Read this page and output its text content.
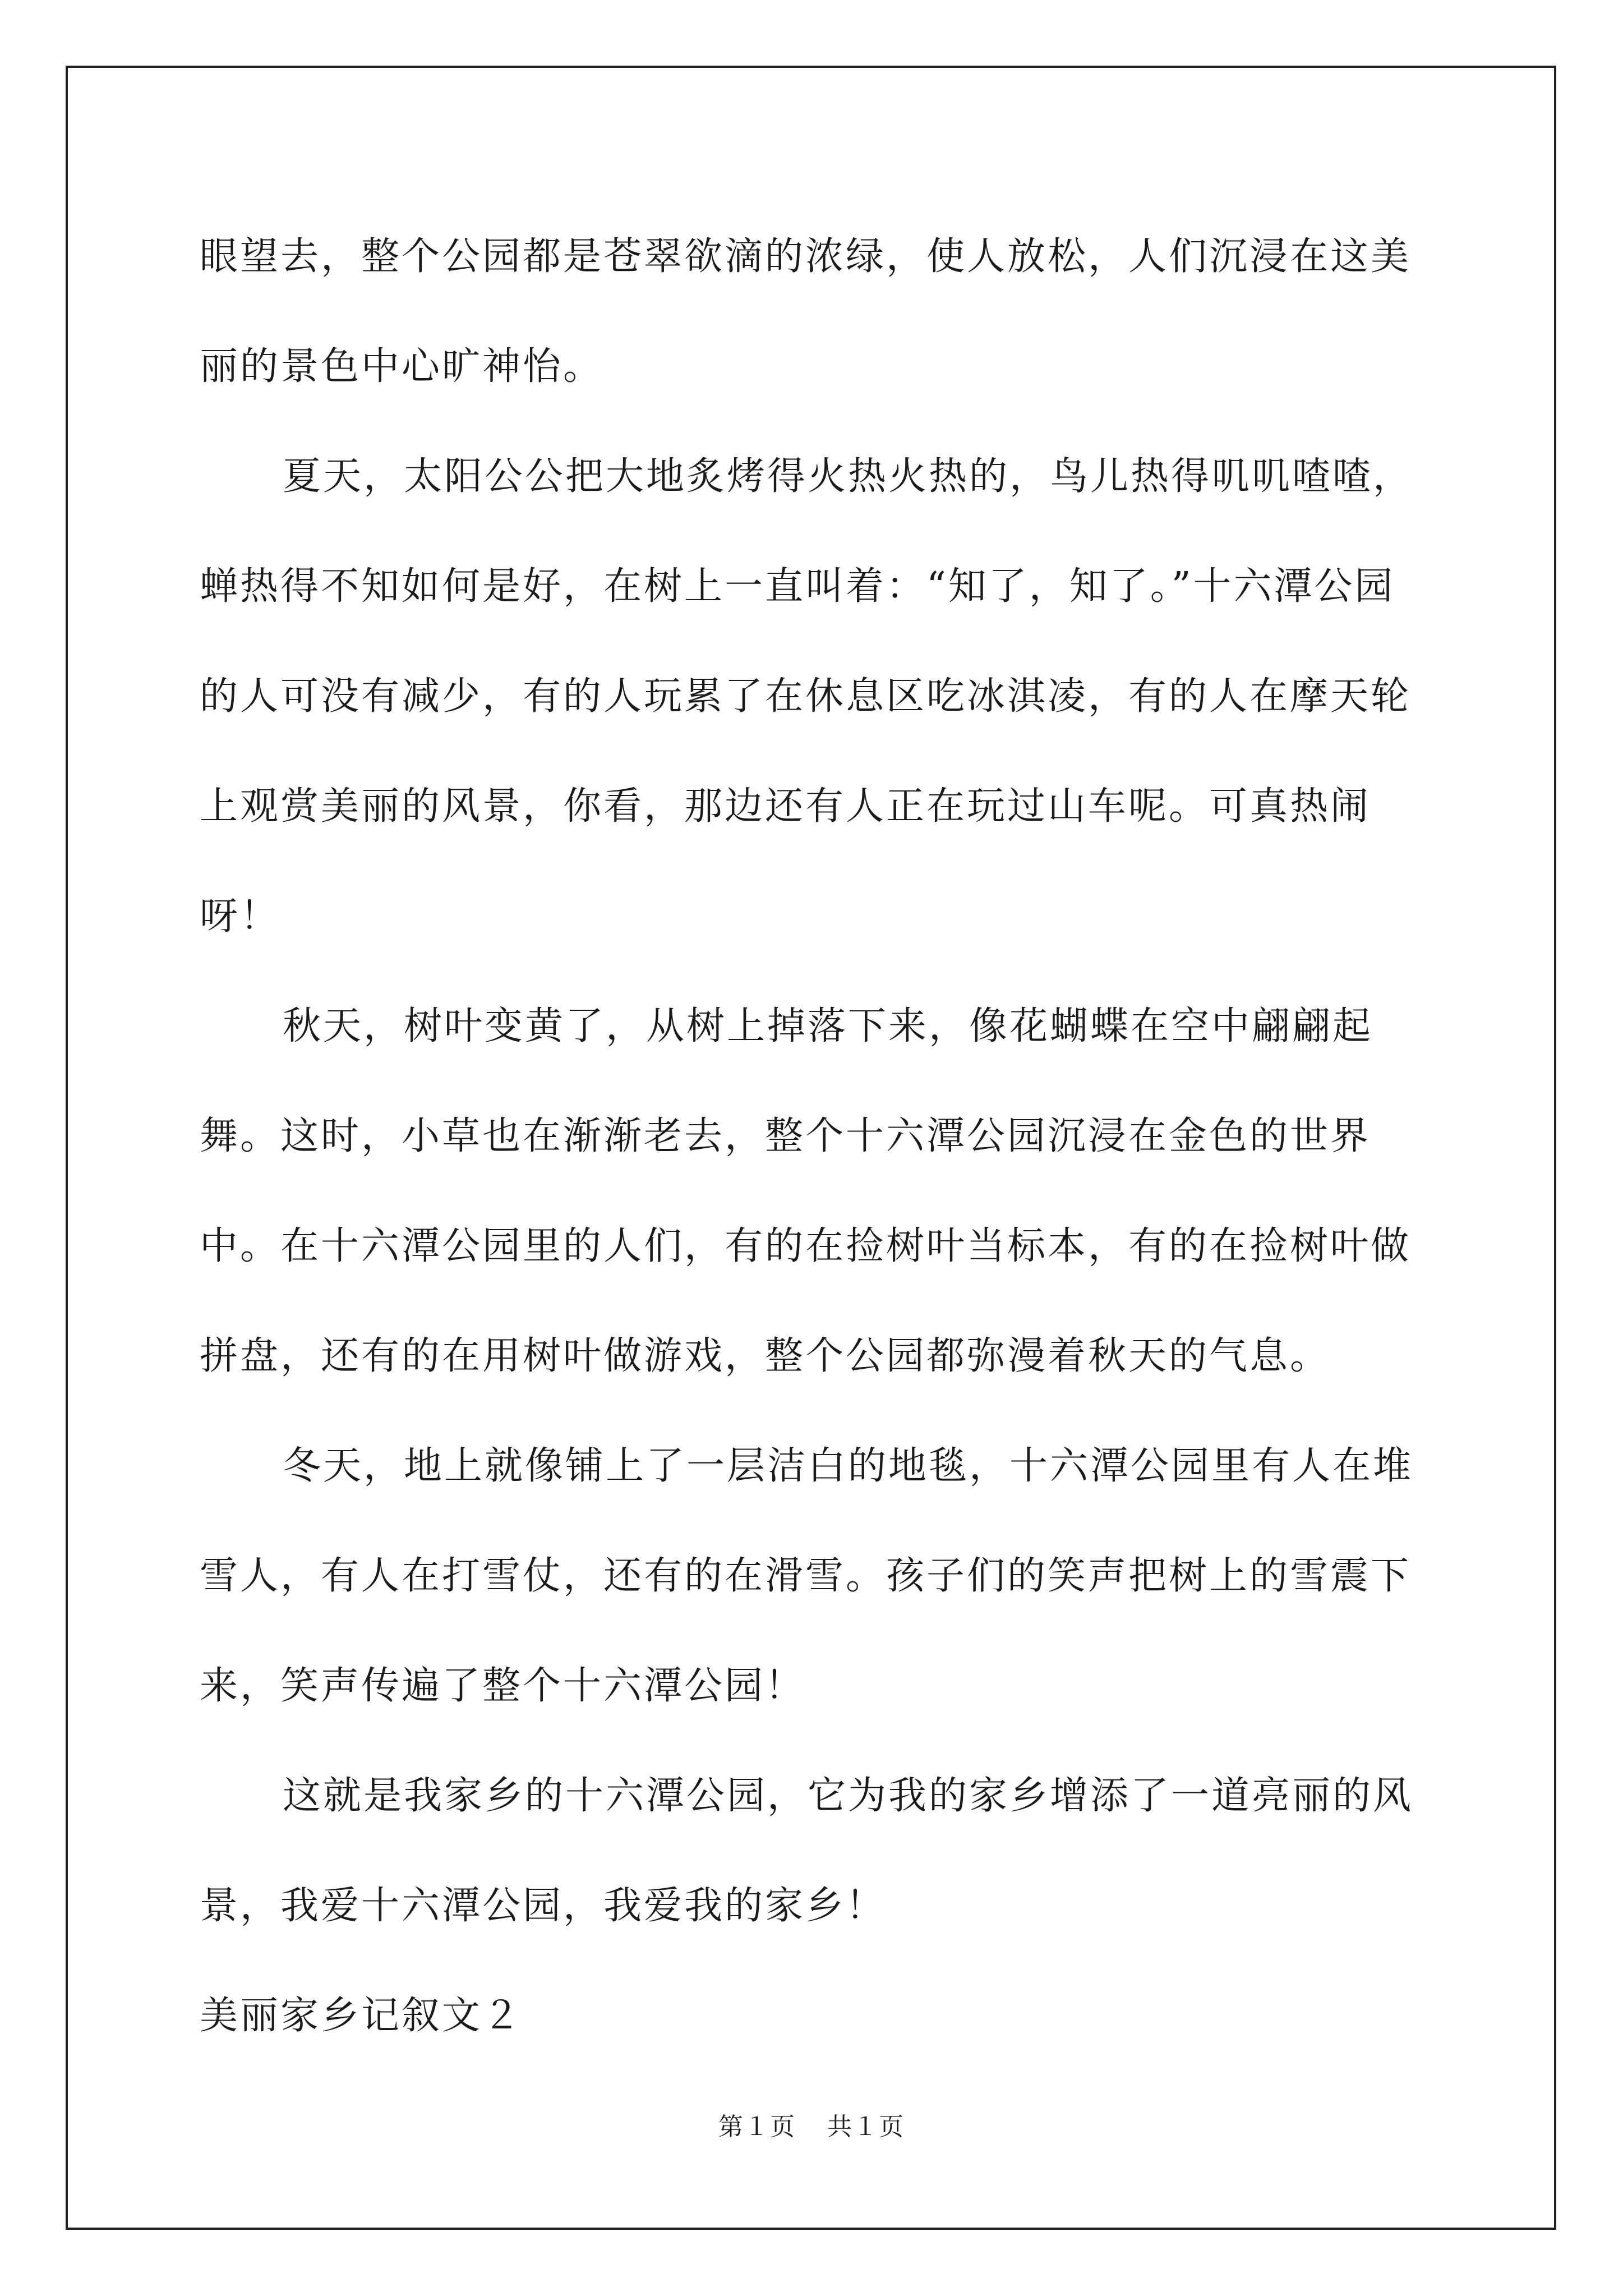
眼望去，整个公园都是苍翠欲滴的浓绿，使人放松，人们沉浸在这美丽的景色中心旷神怡。

夏天，太阳公公把大地炙烤得火热火热的，鸟儿热得叽叽喳喳，蝉热得不知如何是好，在树上一直叫着：“知了，知了。”十六潭公园的人可没有减少，有的人玩累了在休息区吃冰淇凌，有的人在摩天轮上观赏美丽的风景，你看，那边还有人正在玩过山车呢。可真热闹呀！

秋天，树叶变黄了，从树上掉落下来，像花蝴蝶在空中翩翩起舞。这时，小草也在渐渐老去，整个十六潭公园沉浸在金色的世界中。在十六潭公园里的人们，有的在捡树叶当标本，有的在捡树叶做拼盘，还有的在用树叶做游戏，整个公园都弥漫着秋天的气息。

冬天，地上就像铺上了一层洁白的地毯，十六潭公园里有人在堆雪人，有人在打雪仗，还有的在滑雪。孩子们的笑声把树上的雪震下来，笑声传遍了整个十六潭公园！

这就是我家乡的十六潭公园，它为我的家乡增添了一道亮丽的风景，我爱十六潭公园，我爱我的家乡！

美丽家乡记叙文２
第１页 共１页
